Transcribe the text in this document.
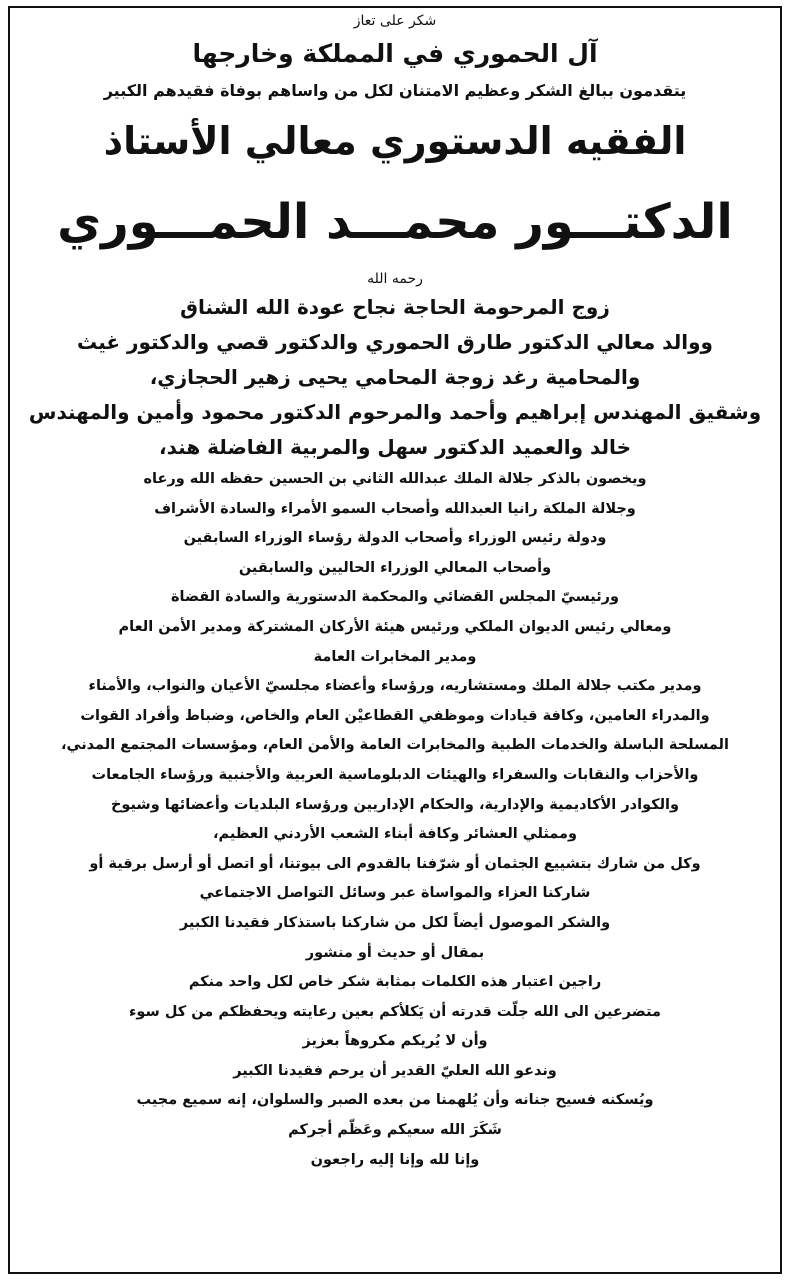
شكر على تعاز
آل الحموري في المملكة وخارجها
يتقدمون ببالغ الشكر وعظيم الامتنان لكل من واساهم بوفاة فقيدهم الكبير
الفقيه الدستوري معالي الأستاذ
الدكتـــور محمـــد الحمـــوري
رحمه الله
زوج المرحومة الحاجة نجاح عودة الله الشناق
ووالد معالي الدكتور طارق الحموري والدكتور قصي والدكتور غيث
والمحامية رغد زوجة المحامي يحيى زهير الحجازي،
وشقيق المهندس إبراهيم وأحمد والمرحوم الدكتور محمود وأمين والمهندس
خالد والعميد الدكتور سهل والمربية الفاضلة هند،
ويخصون بالذكر جلالة الملك عبدالله الثاني بن الحسين حفظه الله ورعاه
وجلالة الملكة رانيا العبدالله وأصحاب السمو الأمراء والسادة الأشراف
ودولة رئيس الوزراء وأصحاب الدولة رؤساء الوزراء السابقين
وأصحاب المعالي الوزراء الحاليين والسابقين
ورئيسيّ المجلس القضائي والمحكمة الدستورية والسادة القضاة
ومعالي رئيس الديوان الملكي ورئيس هيئة الأركان المشتركة ومدير الأمن العام
ومدير المخابرات العامة
ومدير مكتب جلالة الملك ومستشاريه، ورؤساء وأعضاء مجلسيّ الأعيان والنواب، والأمناء
والمدراء العامين، وكافة قيادات وموظفي القطاعيْن العام والخاص، وضباط وأفراد القوات
المسلحة الباسلة والخدمات الطبية والمخابرات العامة والأمن العام، ومؤسسات المجتمع المدني،
والأحزاب والنقابات والسفراء والهيئات الدبلوماسية العربية والأجنبية ورؤساء الجامعات
والكوادر الأكاديمية والإدارية، والحكام الإداريين ورؤساء البلديات وأعضائها وشيوخ
وممثلي العشائر وكافة أبناء الشعب الأردني العظيم،
وكل من شارك بتشييع الجثمان أو شرّفنا بالقدوم الى بيوتنا، أو اتصل أو أرسل برقية أو
شاركنا العزاء والمواساة عبر وسائل التواصل الاجتماعي
والشكر الموصول أيضاً لكل من شاركنا باستذكار فقيدنا الكبير
بمقال أو حديث أو منشور
راجين اعتبار هذه الكلمات بمثابة شكر خاص لكل واحد منكم
متضرعين الى الله جلّت قدرته أن يَكلأكم بعين رعايته ويحفظكم من كل سوء
وأن لا يُريكم مكروهاً بعزيز
وندعو الله العليّ القدير أن يرحم فقيدنا الكبير
ويُسكنه فسيح جنانه وأن يُلهمنا من بعده الصبر والسلوان، إنه سميع مجيب
شَكَرَ الله سعيكم وعَظّم أجركم
وإنا لله وإنا إليه راجعون
